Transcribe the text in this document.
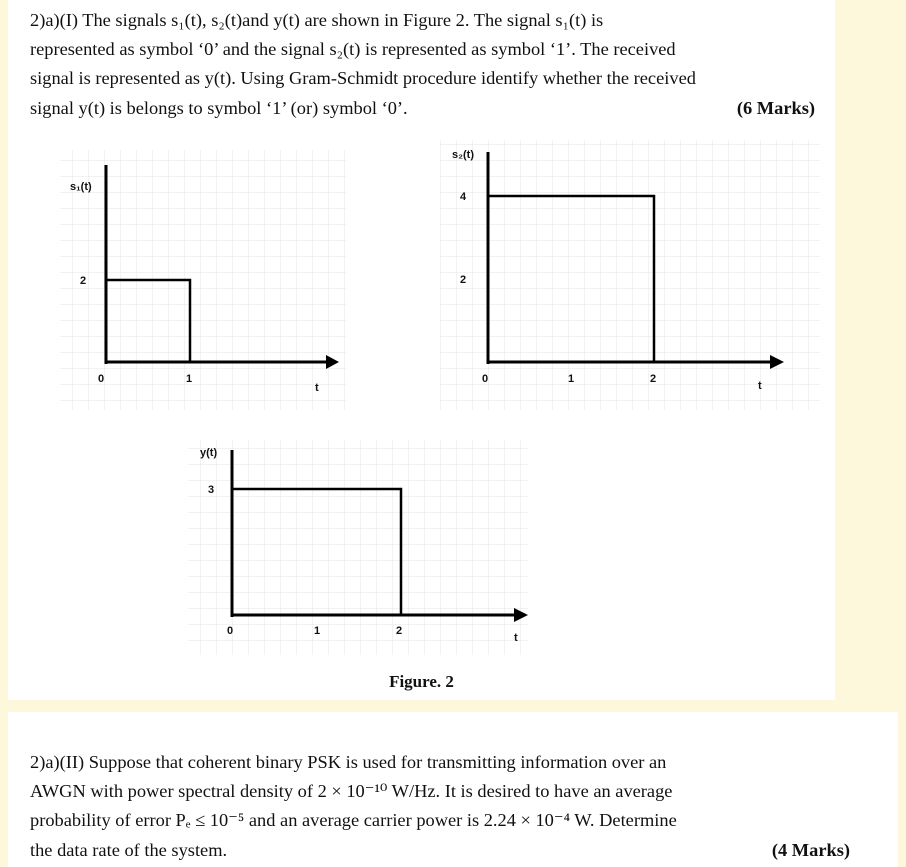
2)a)(I) The signals s₁(t), s₂(t)and y(t) are shown in Figure 2. The signal s₁(t) is
represented as symbol ‘0’ and the signal s₂(t) is represented as symbol ‘1’. The received
signal is represented as y(t). Using Gram-Schmidt procedure identify whether the received
signal y(t) is belongs to symbol ‘1’ (or) symbol ‘0’.	(6 Marks)
s₁(t)
2
0	1
t
s₂(t)
4
2
0	1	2
t
y(t)
3
0	1	2
t
Figure. 2
2)a)(II) Suppose that coherent binary PSK is used for transmitting information over an
AWGN with power spectral density of 2 × 10⁻¹⁰ W/Hz. It is desired to have an average
probability of error Pₑ ≤ 10⁻⁵ and an average carrier power is 2.24 × 10⁻⁴ W. Determine
the data rate of the system.	(4 Marks)
